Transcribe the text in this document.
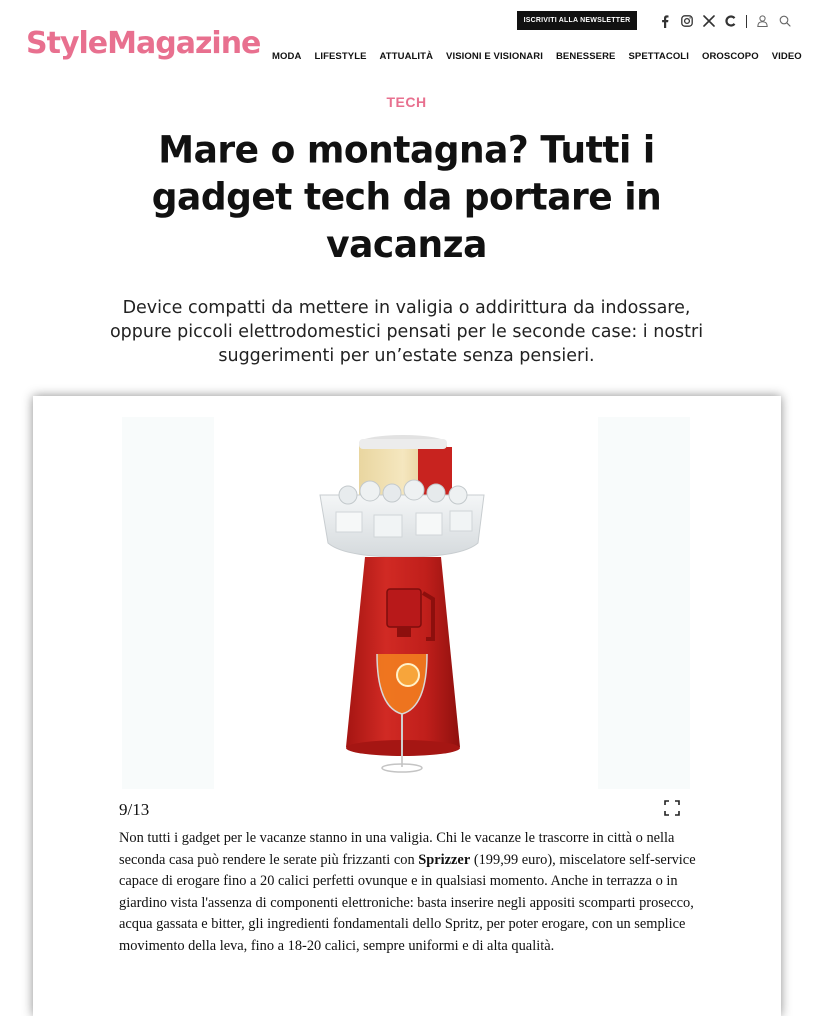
StyleMagazine
ISCRIVITI ALLA NEWSLETTER
MODA LIFESTYLE ATTUALITÀ VISIONI E VISIONARI BENESSERE SPETTACOLI OROSCOPO VIDEO
TECH
Mare o montagna? Tutti i gadget tech da portare in vacanza

Device compatti da mettere in valigia o addirittura da indossare, oppure piccoli elettrodomestici pensati per le seconde case: i nostri suggerimenti per un’estate senza pensieri.

9/13

Non tutti i gadget per le vacanze stanno in una valigia. Chi le vacanze le trascorre in città o nella seconda casa può rendere le serate più frizzanti con Sprizzer (199,99 euro), miscelatore self-service capace di erogare fino a 20 calici perfetti ovunque e in qualsiasi momento. Anche in terrazza o in giardino vista l'assenza di componenti elettroniche: basta inserire negli appositi scomparti prosecco, acqua gassata e bitter, gli ingredienti fondamentali dello Spritz, per poter erogare, con un semplice movimento della leva, fino a 18-20 calici, sempre uniformi e di alta qualità.
